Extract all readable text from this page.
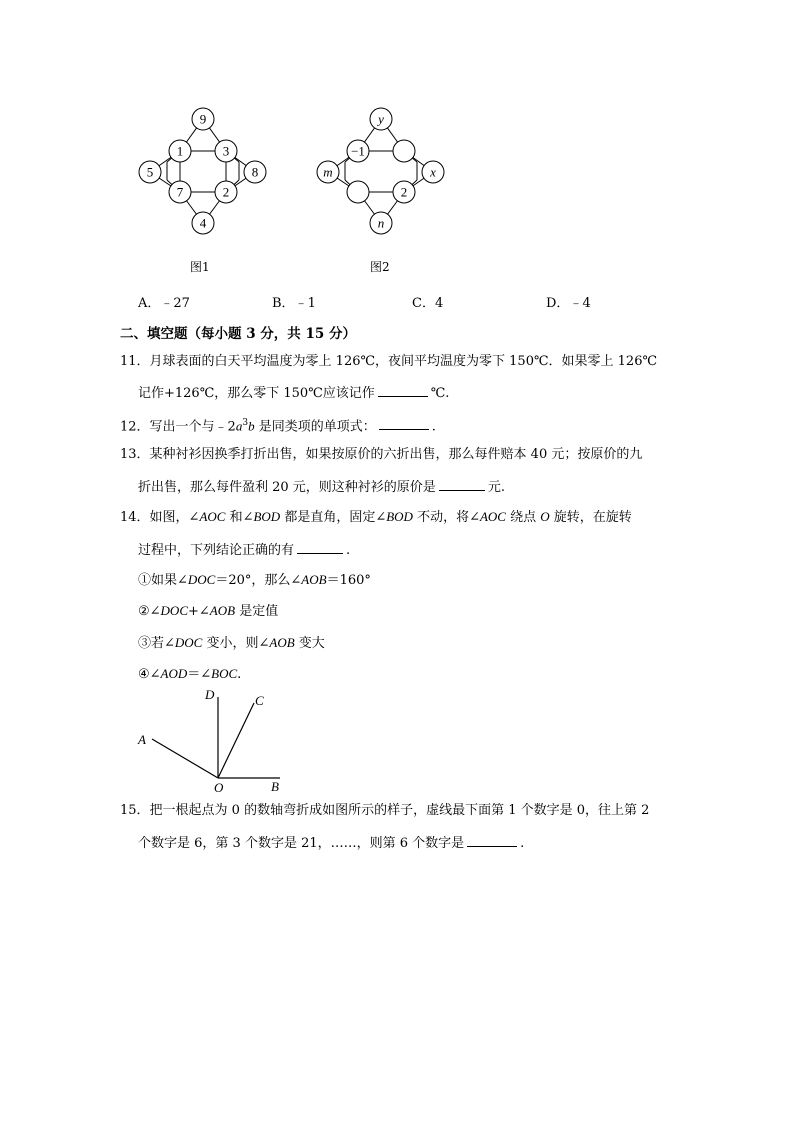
9
1	3
5	8
7	2
4
图1
y
−1
m	x
2
n
图2
A．﹣27	B．﹣1	C．4	D．﹣4
二、填空题（每小题 3 分，共 15 分）
11．月球表面的白天平均温度为零上 126℃，夜间平均温度为零下 150℃．如果零上 126℃
记作+126℃，那么零下 150℃应该记作	℃.
12．写出一个与$﹣2a^3b$ 是同类项的单项式：	.
13．某种衬衫因换季打折出售，如果按原价的六折出售，那么每件赔本 40 元；按原价的九
折出售，那么每件盈利 20 元，则这种衬衫的原价是	元.
14．如图，∠AOC 和∠BOD 都是直角，固定∠BOD 不动，将∠AOC 绕点 O 旋转，在旋转
过程中，下列结论正确的有	.
①如果∠DOC＝20°，那么∠AOB＝160°
②∠DOC+∠AOB 是定值
③若∠DOC 变小，则∠AOB 变大
④∠AOD＝∠BOC.
D	C
A
O	B
15．把一根起点为 0 的数轴弯折成如图所示的样子，虚线最下面第 1 个数字是 0，往上第 2
个数字是 6，第 3 个数字是 21，……，则第 6 个数字是	.
